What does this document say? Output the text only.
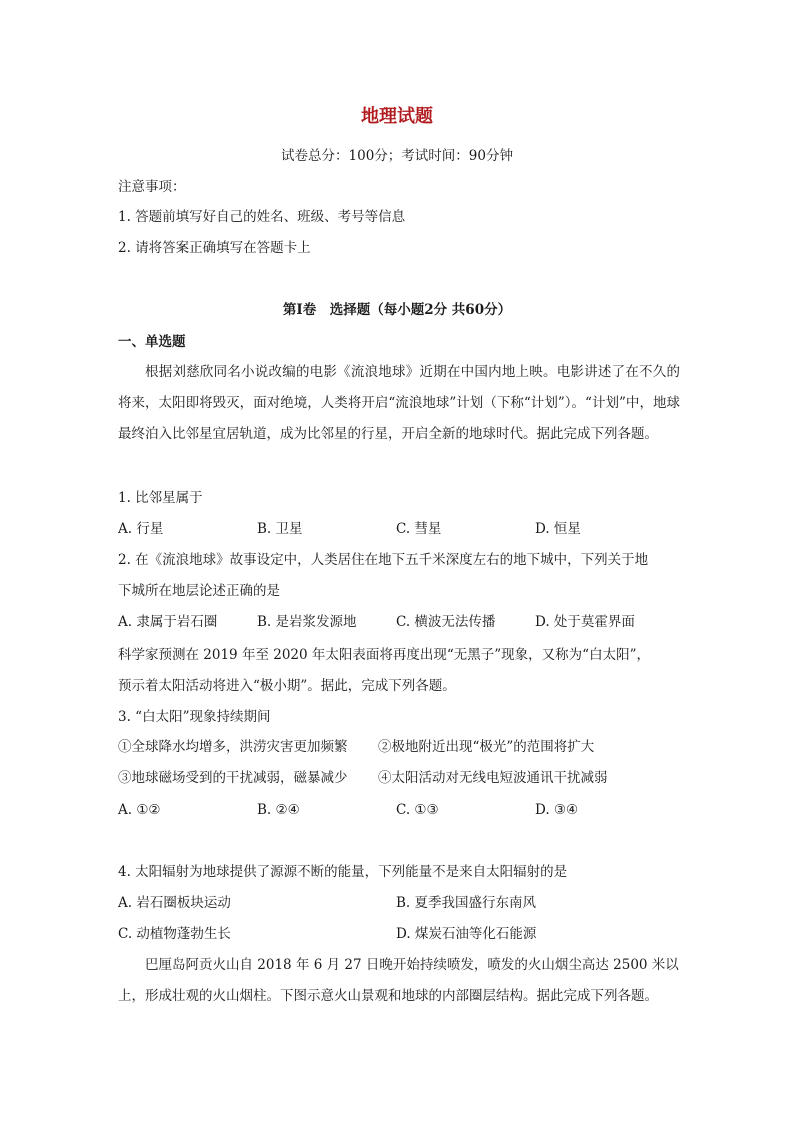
地理试题
试卷总分：100分；考试时间：90分钟
注意事项：
1. 答题前填写好自己的姓名、班级、考号等信息
2. 请将答案正确填写在答题卡上
第I卷　选择题（每小题2分 共60分）
一、单选题
根据刘慈欣同名小说改编的电影《流浪地球》近期在中国内地上映。电影讲述了在不久的将来，太阳即将毁灭，面对绝境，人类将开启“流浪地球”计划（下称“计划”）。“计划”中，地球最终泊入比邻星宜居轨道，成为比邻星的行星，开启全新的地球时代。据此完成下列各题。
1. 比邻星属于
A. 行星	B. 卫星	C. 彗星	D. 恒星
2. 在《流浪地球》故事设定中，人类居住在地下五千米深度左右的地下城中，下列关于地
下城所在地层论述正确的是
A. 隶属于岩石圈	B. 是岩浆发源地	C. 横波无法传播	D. 处于莫霍界面
科学家预测在 2019 年至 2020 年太阳表面将再度出现“无黑子”现象，又称为“白太阳”，
预示着太阳活动将进入“极小期”。据此，完成下列各题。
3. “白太阳”现象持续期间
①全球降水均增多，洪涝灾害更加频繁 ②极地附近出现“极光”的范围将扩大
③地球磁场受到的干扰减弱，磁暴减少 ④太阳活动对无线电短波通讯干扰减弱
A. ①②	B. ②④	C. ①③	D. ③④
4. 太阳辐射为地球提供了源源不断的能量，下列能量不是来自太阳辐射的是
A. 岩石圈板块运动	B. 夏季我国盛行东南风
C. 动植物蓬勃生长	D. 煤炭石油等化石能源
巴厘岛阿贡火山自 2018 年 6 月 27 日晚开始持续喷发，喷发的火山烟尘高达 2500 米以
上，形成壮观的火山烟柱。下图示意火山景观和地球的内部圈层结构。据此完成下列各题。
